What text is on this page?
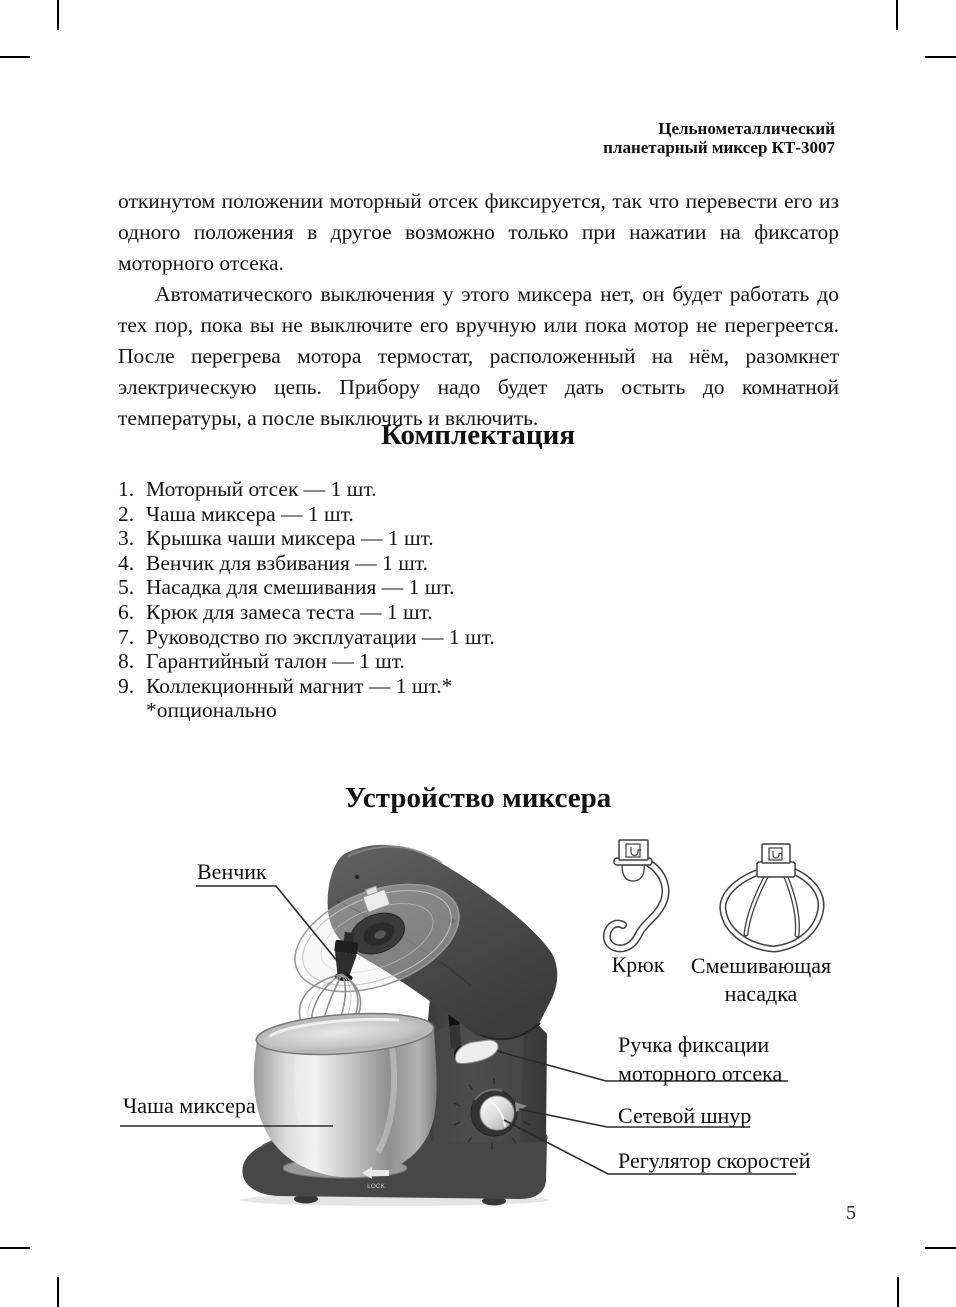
Цельнометаллический
планетарный миксер КТ-3007

откинутом положении моторный отсек фиксируется, так что перевести его из одного положения в другое возможно только при нажатии на фиксатор моторного отсека.

Автоматического выключения у этого миксера нет, он будет работать до тех пор, пока вы не выключите его вручную или пока мотор не перегреется. После перегрева мотора термостат, расположенный на нём, разомкнет электрическую цепь. Прибору надо будет дать остыть до комнатной температуры, а после выключить и включить.

Комплектация
1. Моторный отсек — 1 шт.
2. Чаша миксера — 1 шт.
3. Крышка чаши миксера — 1 шт.
4. Венчик для взбивания — 1 шт.
5. Насадка для смешивания — 1 шт.
6. Крюк для замеса теста — 1 шт.
7. Руководство по эксплуатации — 1 шт.
8. Гарантийный талон — 1 шт.
9. Коллекционный магнит — 1 шт.*
*опционально
Устройство миксера
LOCK
Венчик
Чаша миксера
Крюк	Смешивающая
насадка
Ручка фиксации
моторного отсека
Сетевой шнур
Регулятор скоростей
5
